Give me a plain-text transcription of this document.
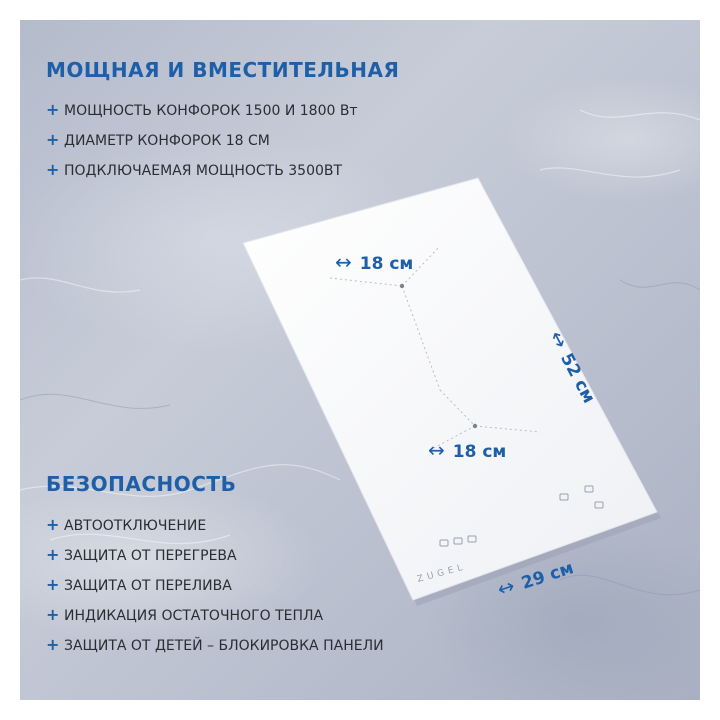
МОЩНАЯ И ВМЕСТИТЕЛЬНАЯ
+ МОЩНОСТЬ КОНФОРОК 1500 И 1800 Вт
+ ДИАМЕТР КОНФОРОК 18 СМ
+ ПОДКЛЮЧАЕМАЯ МОЩНОСТЬ 3500ВТ
ZUGEL
↔ 18 см
↔ 18 см
↔52 см
↔29 см
БЕЗОПАСНОСТЬ
+ АВТООТКЛЮЧЕНИЕ
+ ЗАЩИТА ОТ ПЕРЕГРЕВА
+ ЗАЩИТА ОТ ПЕРЕЛИВА
+ ИНДИКАЦИЯ ОСТАТОЧНОГО ТЕПЛА
+ ЗАЩИТА ОТ ДЕТЕЙ – БЛОКИРОВКА ПАНЕЛИ
